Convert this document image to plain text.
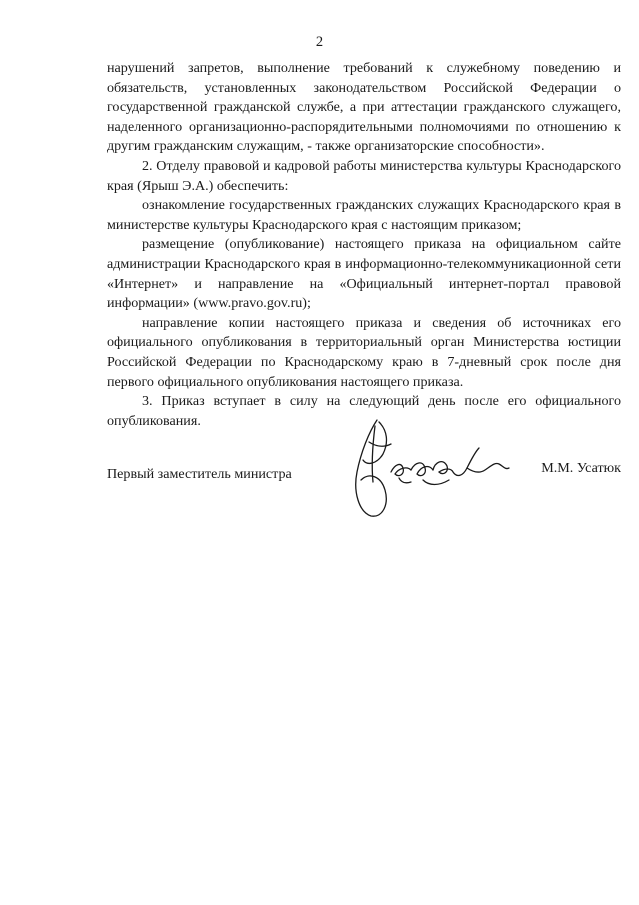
2

нарушений запретов, выполнение требований к служебному поведению и обязательств, установленных законодательством Российской Федерации о государственной гражданской службе, а при аттестации гражданского служащего, наделенного организационно-распорядительными полномочиями по отношению к другим гражданским служащим, - также организаторские способности».

2. Отделу правовой и кадровой работы министерства культуры Краснодарского края (Ярыш Э.А.) обеспечить:

ознакомление государственных гражданских служащих Краснодарского края в министерстве культуры Краснодарского края с настоящим приказом;

размещение (опубликование) настоящего приказа на официальном сайте администрации Краснодарского края в информационно-телекоммуникационной сети «Интернет» и направление на «Официальный интернет-портал правовой информации» (www.pravo.gov.ru);

направление копии настоящего приказа и сведения об источниках его официального опубликования в территориальный орган Министерства юстиции Российской Федерации по Краснодарскому краю в 7-дневный срок после дня первого официального опубликования настоящего приказа.

3. Приказ вступает в силу на следующий день после его официального опубликования.

Первый заместитель министра	М.М. Усатюк
